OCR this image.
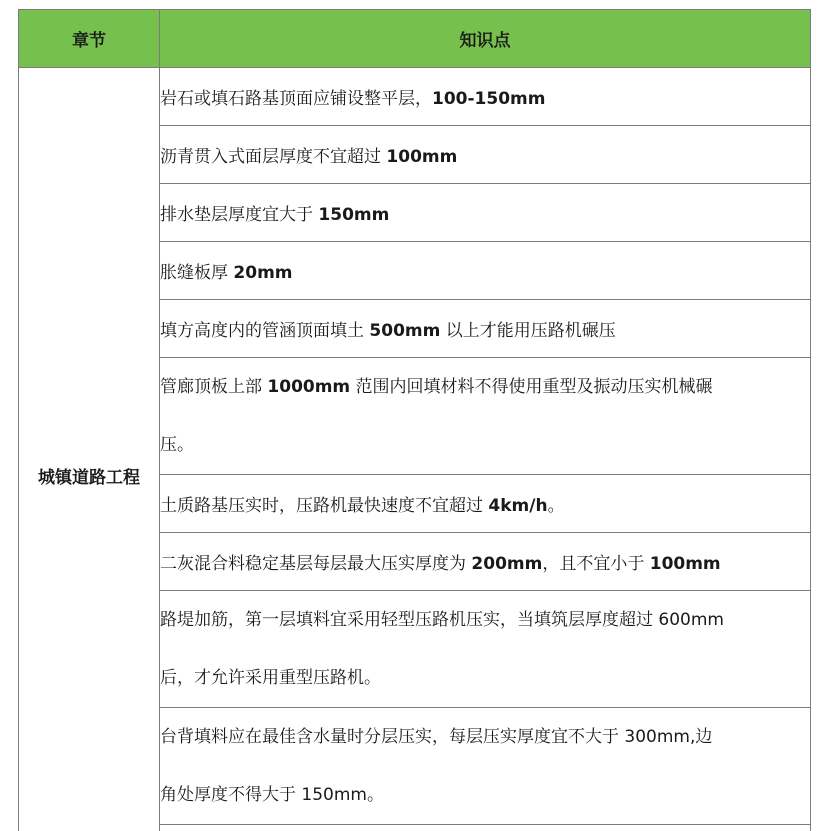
章节	知识点
城镇道路工程	岩石或填石路基顶面应铺设整平层，100-150mm
	沥青贯入式面层厚度不宜超过 100mm
	排水垫层厚度宜大于 150mm
	胀缝板厚 20mm
	填方高度内的管涵顶面填土 500mm 以上才能用压路机碾压

	管廊顶板上部 1000mm 范围内回填材料不得使用重型及振动压实机械碾
压。

	土质路基压实时，压路机最快速度不宜超过 4km/h。
	二灰混合料稳定基层每层最大压实厚度为 200mm，且不宜小于 100mm

	路堤加筋，第一层填料宜采用轻型压路机压实，当填筑层厚度超过 600mm
后，才允许采用重型压路机。

	台背填料应在最佳含水量时分层压实，每层压实厚度宜不大于 300mm,边
角处厚度不得大于 150mm。
